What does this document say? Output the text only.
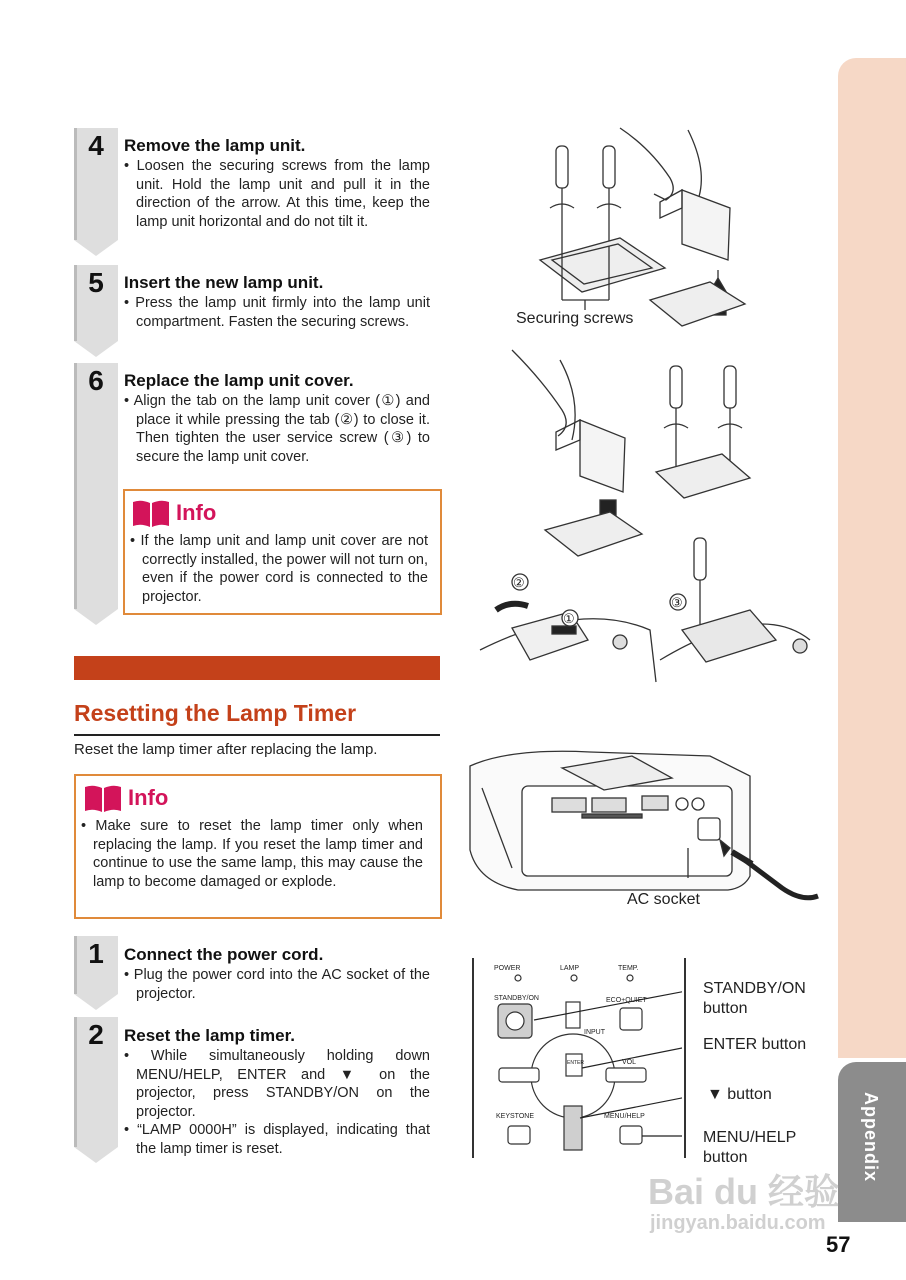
Appendix
57
4	Remove the lamp unit.

• Loosen the securing screws from the lamp unit. Hold the lamp unit and pull it in the direction of the arrow. At this time, keep the lamp unit horizontal and do not tilt it.

5	Insert the new lamp unit.

• Press the lamp unit firmly into the lamp unit compartment. Fasten the securing screws.

6	Replace the lamp unit cover.

• Align the tab on the lamp unit cover (①) and place it while pressing the tab (②) to close it. Then tighten the user service screw (③) to secure the lamp unit cover.

Info

• If the lamp unit and lamp unit cover are not correctly installed, the power will not turn on, even if the power cord is connected to the projector.

Resetting the Lamp Timer
Reset the lamp timer after replacing the lamp.
Info

• Make sure to reset the lamp timer only when replacing the lamp. If you reset the lamp timer and continue to use the same lamp, this may cause the lamp to become damaged or explode.

1	Connect the power cord.

• Plug the power cord into the AC socket of the projector.

2	Reset the lamp timer.

• While simultaneously holding down MENU/HELP, ENTER and ▼ on the projector, press STANDBY/ON on the projector.

• “LAMP 0000H” is displayed, indicating that the lamp timer is reset.

②
①
③
Securing screws
AC socket
POWER	LAMP	TEMP.
STANDBY/ON	ECO+QUIET
INPUT
ENTER	VOL
KEYSTONE	MENU/HELP
STANDBY/ON
button
ENTER button
▼ button
MENU/HELP
button
Bai du 经验
jingyan.baidu.com
